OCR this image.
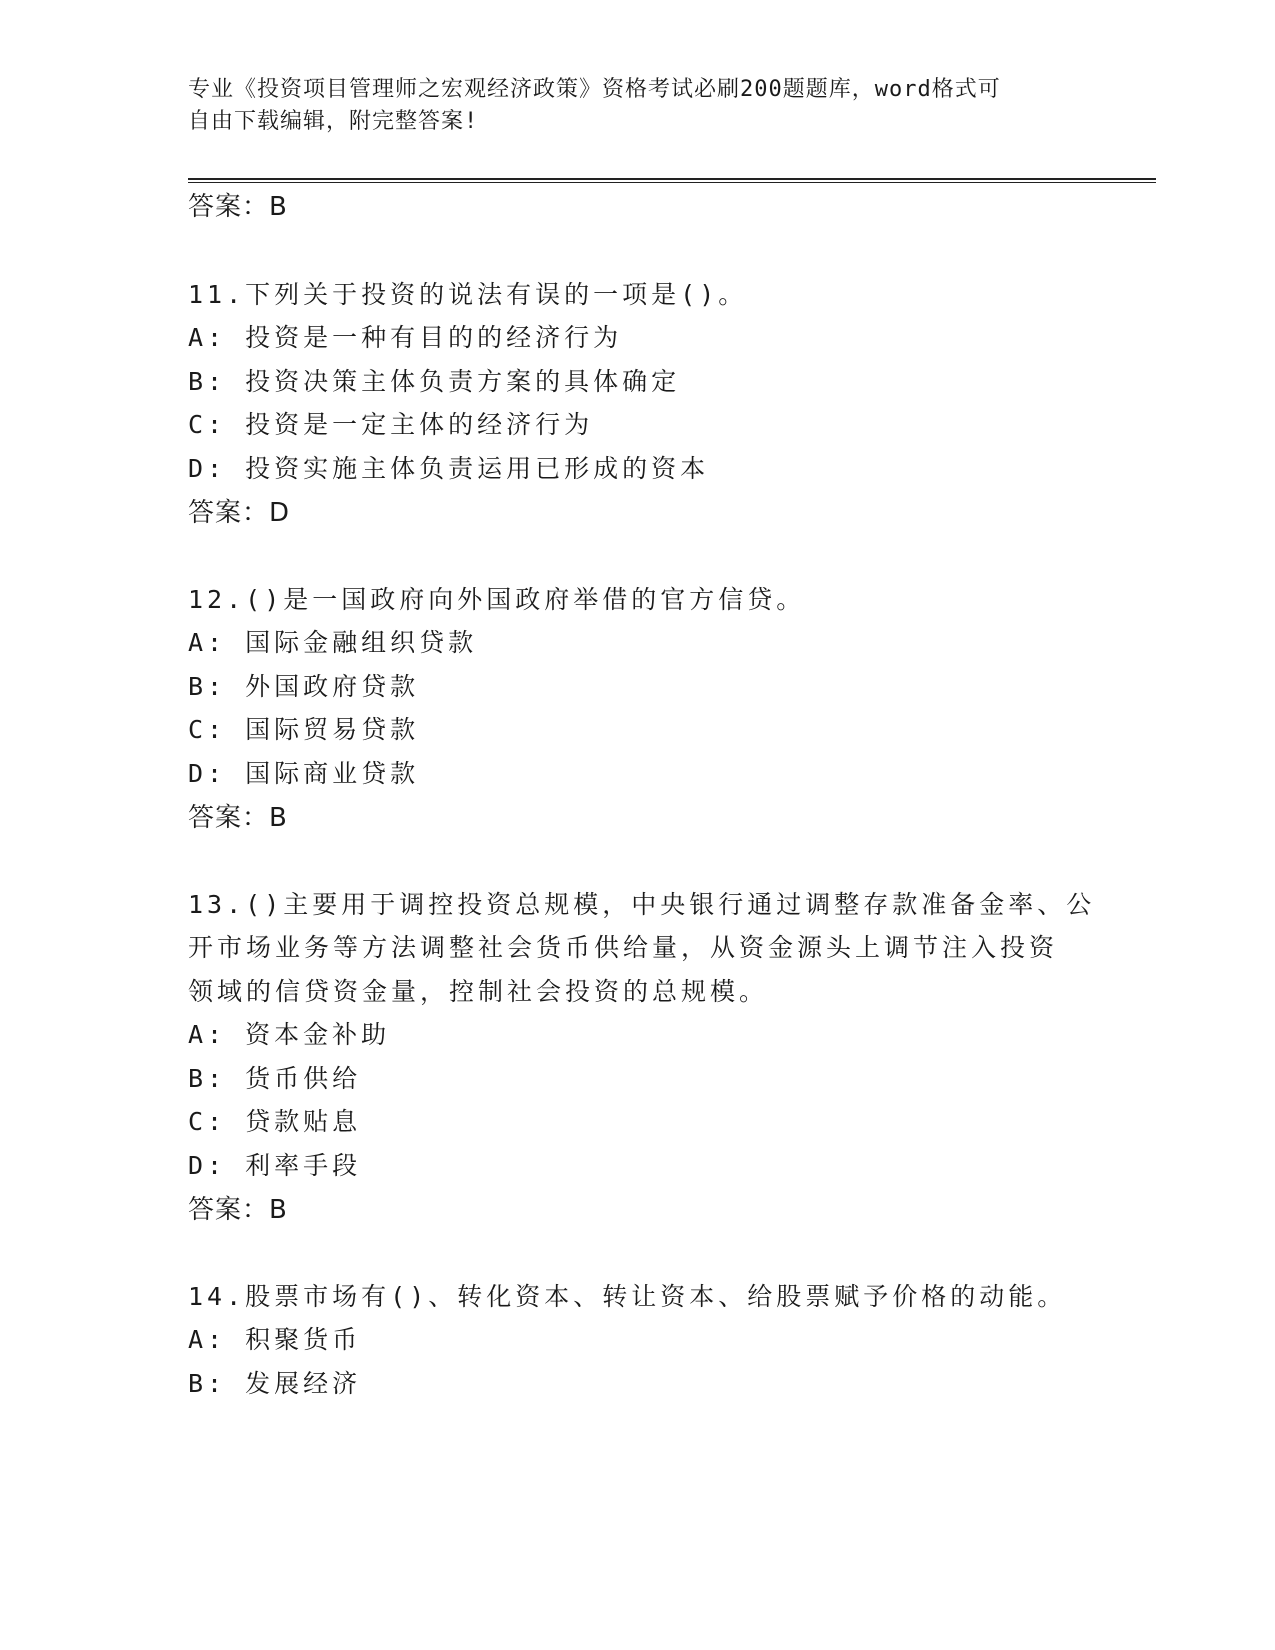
专业《投资项目管理师之宏观经济政策》资格考试必刷200题题库，word格式可
自由下载编辑，附完整答案!
答案：B
11.下列关于投资的说法有误的一项是()。
A: 投资是一种有目的的经济行为
B: 投资决策主体负责方案的具体确定
C: 投资是一定主体的经济行为
D: 投资实施主体负责运用已形成的资本
答案：D
12.()是一国政府向外国政府举借的官方信贷。
A: 国际金融组织贷款
B: 外国政府贷款
C: 国际贸易贷款
D: 国际商业贷款
答案：B
13.()主要用于调控投资总规模，中央银行通过调整存款准备金率、公
开市场业务等方法调整社会货币供给量，从资金源头上调节注入投资
领域的信贷资金量，控制社会投资的总规模。
A: 资本金补助
B: 货币供给
C: 贷款贴息
D: 利率手段
答案：B
14.股票市场有()、转化资本、转让资本、给股票赋予价格的动能。
A: 积聚货币
B: 发展经济
